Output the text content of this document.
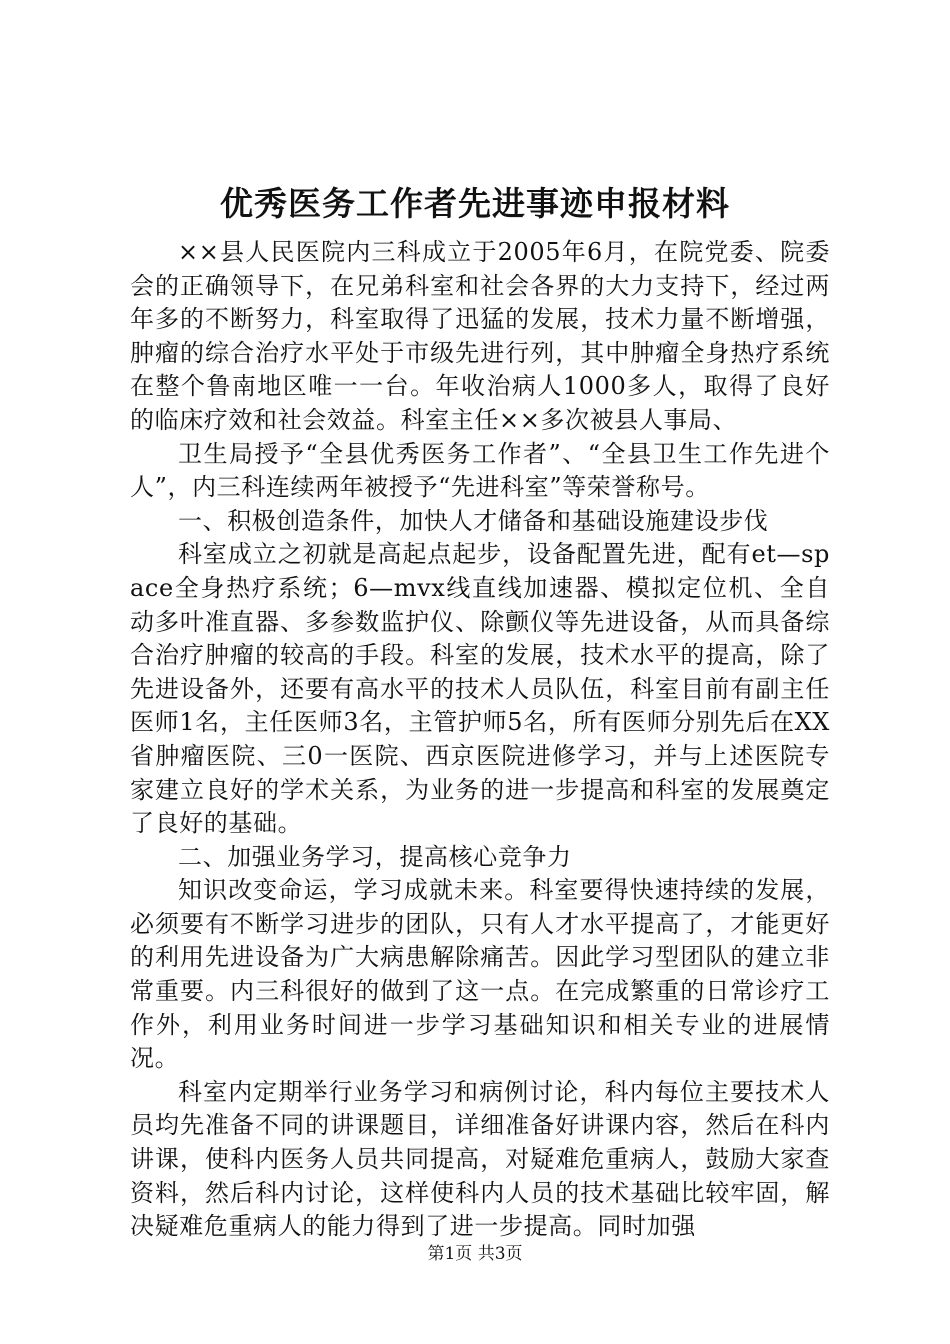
优秀医务工作者先进事迹申报材料

××县人民医院内三科成立于2005年6月，在院党委、院委会的正确领导下，在兄弟科室和社会各界的大力支持下，经过两年多的不断努力，科室取得了迅猛的发展，技术力量不断增强，肿瘤的综合治疗水平处于市级先进行列，其中肿瘤全身热疗系统在整个鲁南地区唯一一台。年收治病人1000多人，取得了良好的临床疗效和社会效益。科室主任××多次被县人事局、

卫生局授予“全县优秀医务工作者”、“全县卫生工作先进个人”，内三科连续两年被授予“先进科室”等荣誉称号。

一、积极创造条件，加快人才储备和基础设施建设步伐

科室成立之初就是高起点起步，设备配置先进，配有et—space全身热疗系统；6—mvx线直线加速器、模拟定位机、全自动多叶准直器、多参数监护仪、除颤仪等先进设备，从而具备综合治疗肿瘤的较高的手段。科室的发展，技术水平的提高，除了先进设备外，还要有高水平的技术人员队伍，科室目前有副主任医师1名，主任医师3名，主管护师5名，所有医师分别先后在XX省肿瘤医院、三0一医院、西京医院进修学习，并与上述医院专家建立良好的学术关系，为业务的进一步提高和科室的发展奠定了良好的基础。

二、加强业务学习，提高核心竞争力

知识改变命运，学习成就未来。科室要得快速持续的发展，必须要有不断学习进步的团队，只有人才水平提高了，才能更好的利用先进设备为广大病患解除痛苦。因此学习型团队的建立非常重要。内三科很好的做到了这一点。在完成繁重的日常诊疗工作外，利用业务时间进一步学习基础知识和相关专业的进展情况。

科室内定期举行业务学习和病例讨论，科内每位主要技术人员均先准备不同的讲课题目，详细准备好讲课内容，然后在科内讲课，使科内医务人员共同提高，对疑难危重病人，鼓励大家查资料，然后科内讨论，这样使科内人员的技术基础比较牢固，解决疑难危重病人的能力得到了进一步提高。同时加强

第1页 共3页
